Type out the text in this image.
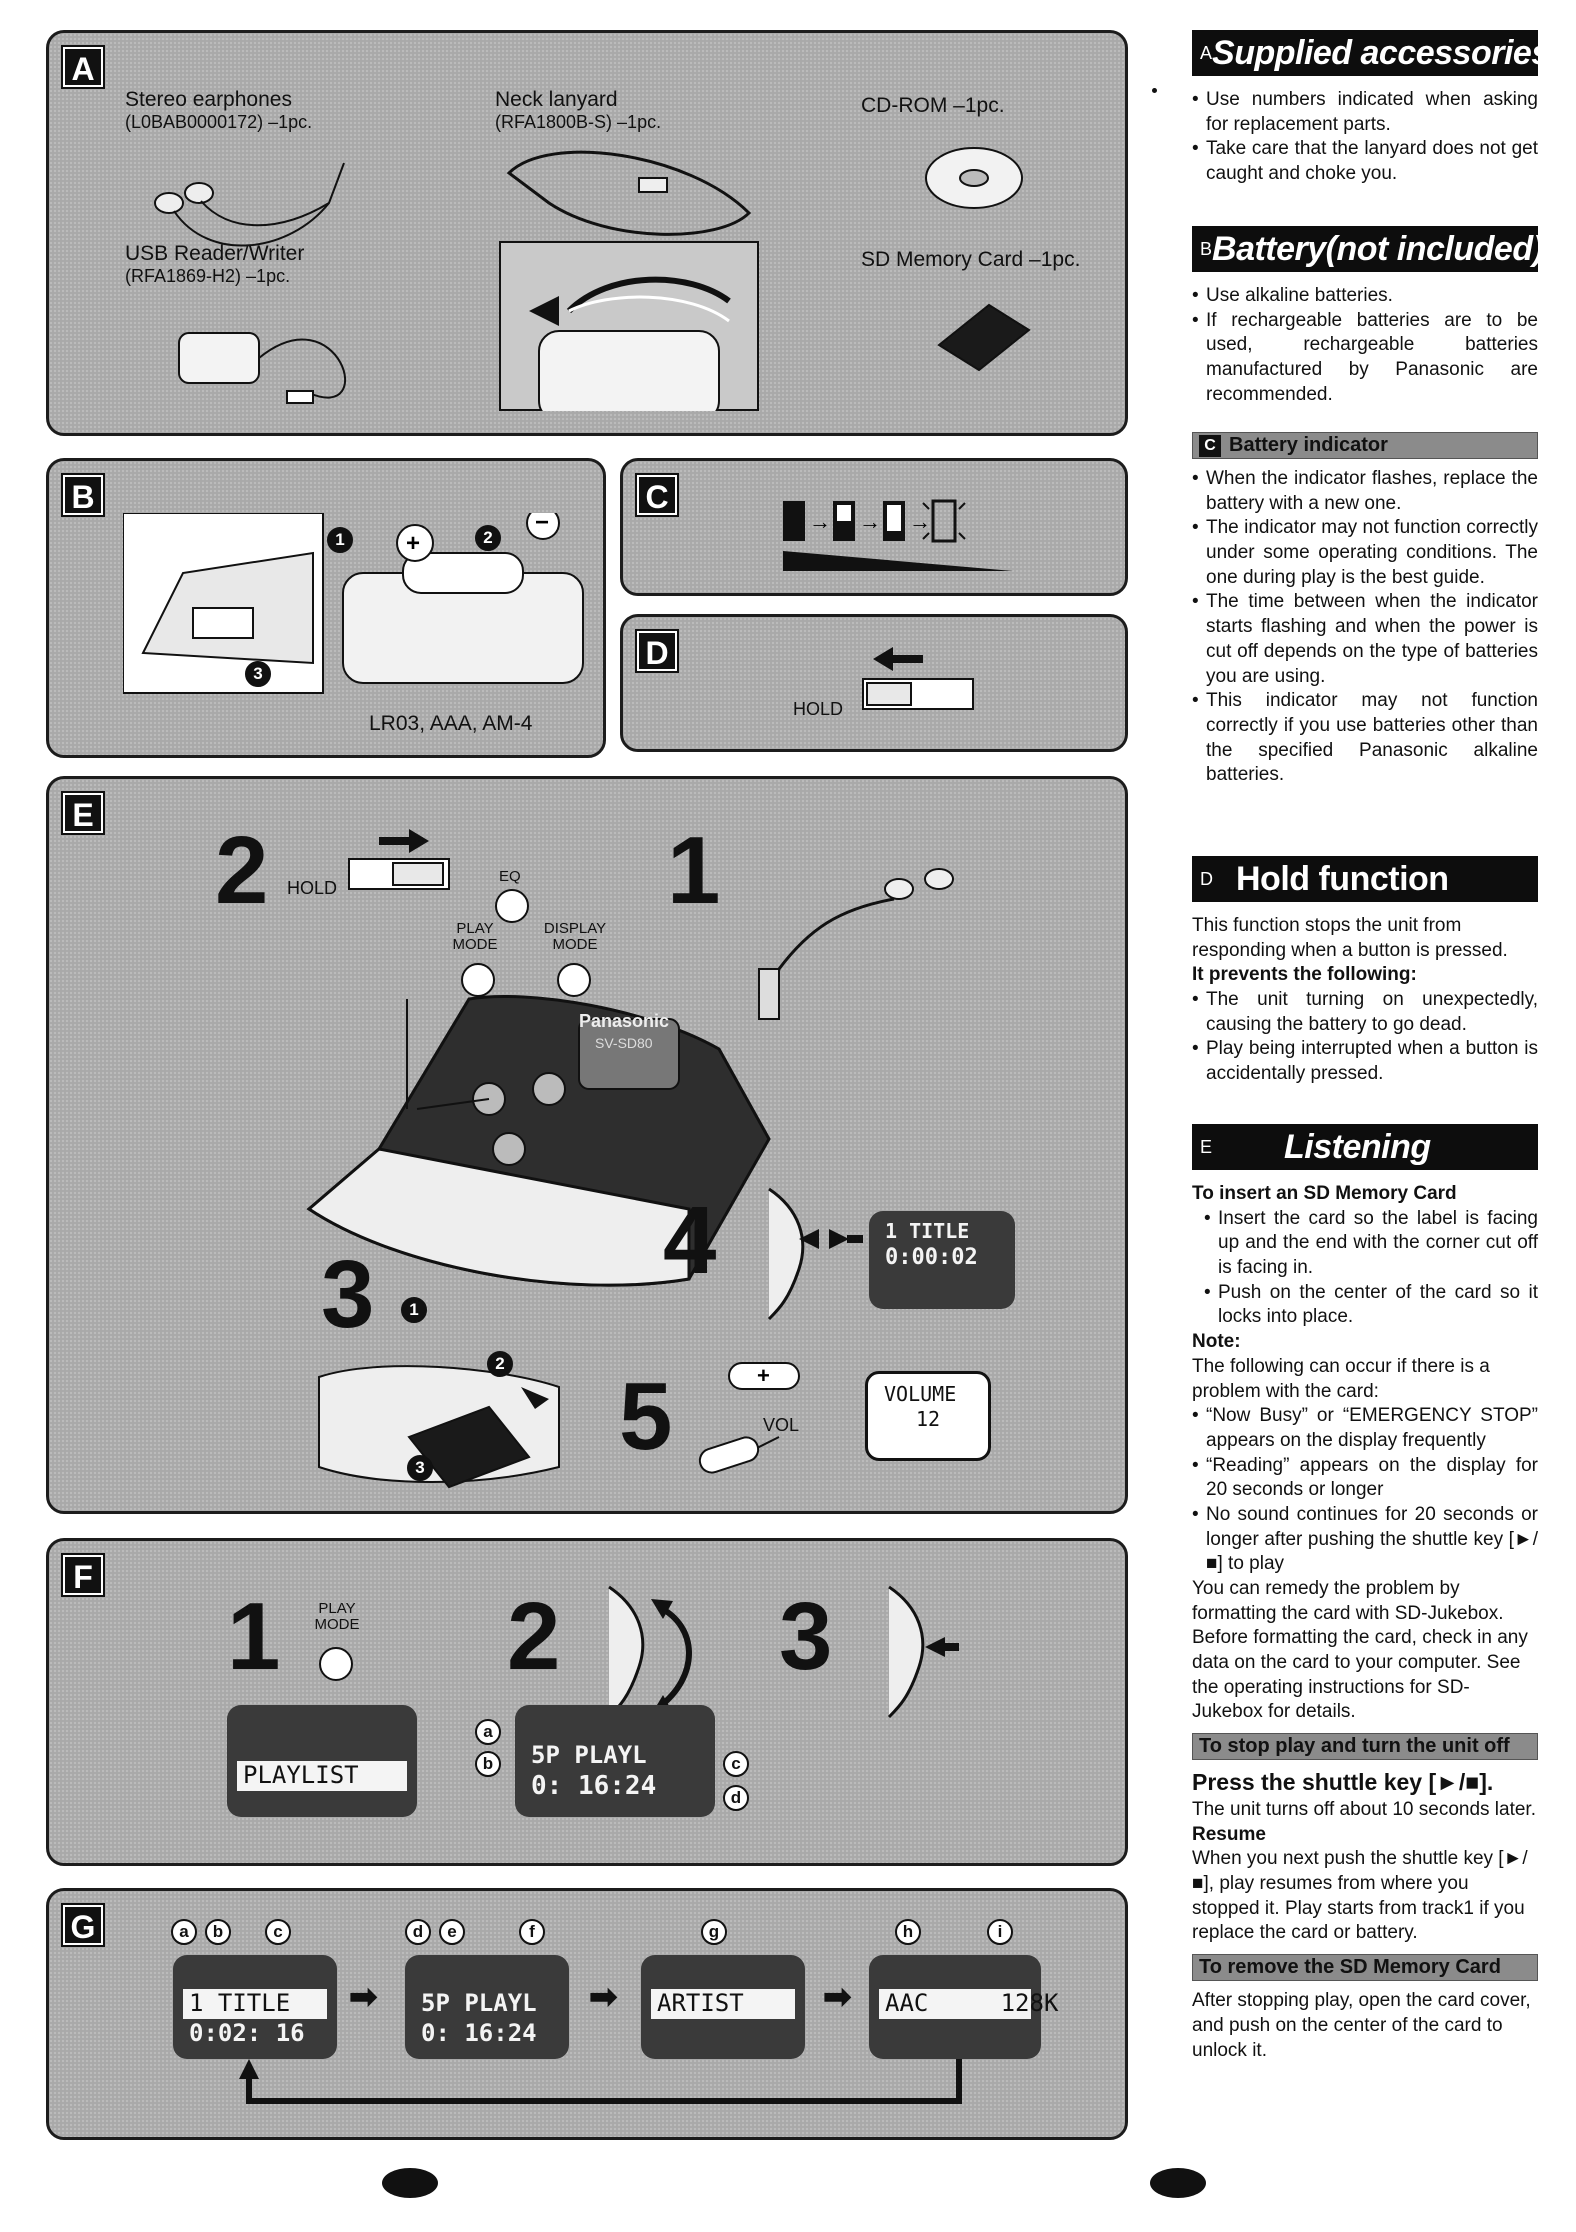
A
Stereo earphones
(L0BAB0000172) –1pc.
Neck lanyard
(RFA1800B-S) –1pc.
CD-ROM –1pc.
USB Reader/Writer
(RFA1869-H2) –1pc.
SD Memory Card –1pc.
B
+
−
1	2
3
LR03, AAA, AM-4
C
→ → →
D
HOLD
E
2 HOLD	1
EQ
PLAY MODE
DISPLAY MODE
Panasonic
SV-SD80
3	1
2
3
4	1 TITLE
0:00:02
5	+
VOL
VOLUME
12
F
1	PLAY MODE 2 3
PLAYLIST
5P PLAYL
0: 16:24
a
b	c
d
G	a	b	c
1 TITLE
0:02: 16
➡
d	e	f
5P PLAYL
0: 16:24
➡
g
ARTIST	➡
h	i
AAC     128K
A Supplied accessories
• Use numbers indicated when asking for replacement parts.
• Take care that the lanyard does not get caught and choke you.
B Battery(not included)
• Use alkaline batteries.
• If rechargeable batteries are to be used, rechargeable batteries manufactured by Panasonic are recommended.
C Battery indicator
• When the indicator flashes, replace the battery with a new one.
• The indicator may not function correctly under some operating conditions. The one during play is the best guide.
• The time between when the indicator starts flashing and when the power is cut off depends on the type of batteries you are using.
• This indicator may not function correctly if you use batteries other than the specified Panasonic alkaline batteries.
D Hold function

This function stops the unit from responding when a button is pressed.

It prevents the following:

• The unit turning on unexpectedly, causing the battery to go dead.
• Play being interrupted when a button is accidentally pressed.
E	Listening

To insert an SD Memory Card

• Insert the card so the label is facing up and the end with the corner cut off is facing in.
• Push on the center of the card so it locks into place.

Note:

The following can occur if there is a problem with the card:

• “Now Busy” or “EMERGENCY STOP” appears on the display frequently
• “Reading” appears on the display for 20 seconds or longer
• No sound continues for 20 seconds or longer after pushing the shuttle key [►/■] to play

You can remedy the problem by formatting the card with SD-Jukebox. Before formatting the card, check in any data on the card to your computer. See the operating instructions for SD-Jukebox for details.

To stop play and turn the unit off

Press the shuttle key [►/■].

The unit turns off about 10 seconds later.

Resume

When you next push the shuttle key [►/■], play resumes from where you stopped it. Play starts from track1 if you replace the card or battery.

To remove the SD Memory Card

After stopping play, open the card cover, and push on the center of the card to unlock it.
